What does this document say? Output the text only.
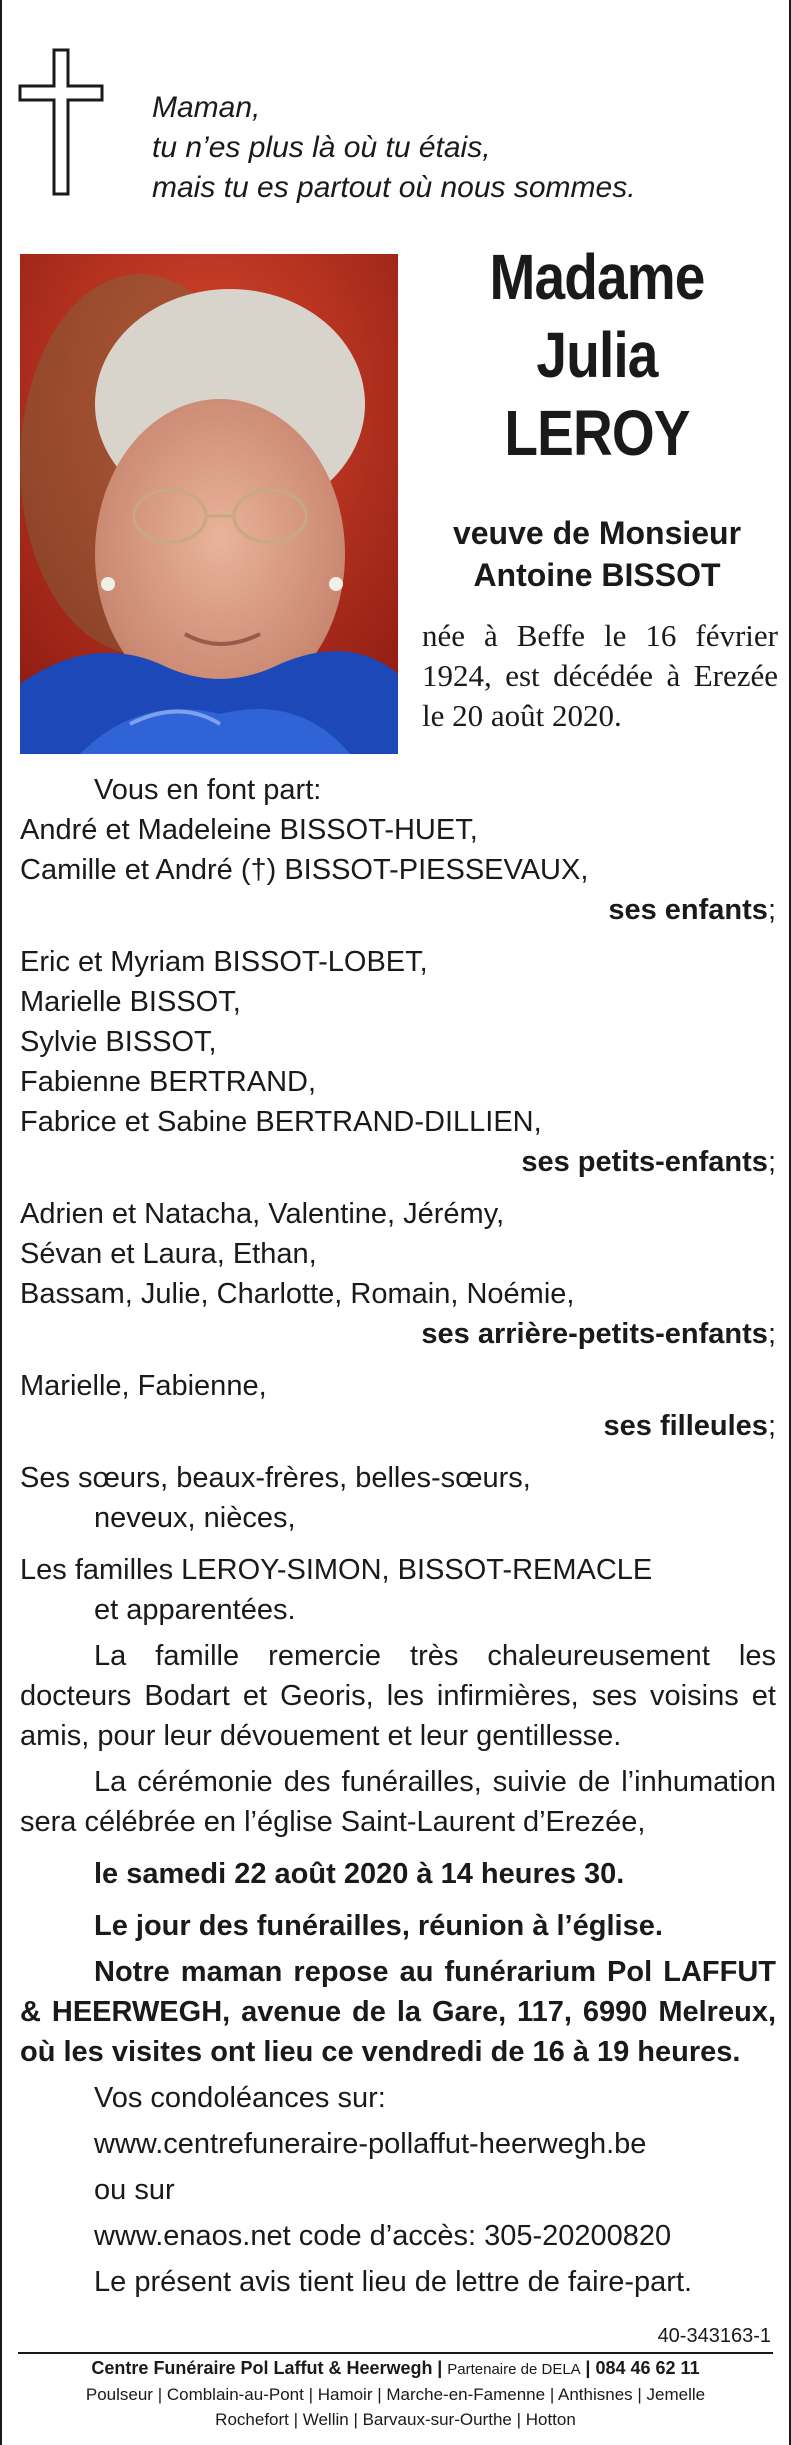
Maman,
tu n’es plus là où tu étais,
mais tu es partout où nous sommes.
Madame
Julia
LEROY
veuve de Monsieur
Antoine BISSOT
née à Beffe le 16 février 1924, est décédée à Erezée le 20 août 2020.
Vous en font part:
André et Madeleine BISSOT-HUET,
Camille et André (†) BISSOT-PIESSEVAUX,
ses enfants;
Eric et Myriam BISSOT-LOBET,
Marielle BISSOT,
Sylvie BISSOT,
Fabienne BERTRAND,
Fabrice et Sabine BERTRAND-DILLIEN,
ses petits-enfants;
Adrien et Natacha, Valentine, Jérémy,
Sévan et Laura, Ethan,
Bassam, Julie, Charlotte, Romain, Noémie,
ses arrière-petits-enfants;
Marielle, Fabienne,
ses filleules;
Ses sœurs, beaux-frères, belles-sœurs,
neveux, nièces,
Les familles LEROY-SIMON, BISSOT-REMACLE
et apparentées.

La famille remercie très chaleureusement les docteurs Bodart et Georis, les infirmières, ses voisins et amis, pour leur dévouement et leur gentillesse.

La cérémonie des funérailles, suivie de l’inhumation sera célébrée en l’église Saint-Laurent d’Erezée,

le samedi 22 août 2020 à 14 heures 30.

Le jour des funérailles, réunion à l’église.

Notre maman repose au funérarium Pol LAFFUT & HEERWEGH, avenue de la Gare, 117, 6990 Melreux, où les visites ont lieu ce vendredi de 16 à 19 heures.

Vos condoléances sur:

www.centrefuneraire-pollaffut-heerwegh.be

ou sur

www.enaos.net code d’accès: 305-20200820

Le présent avis tient lieu de lettre de faire-part.

40-343163-1
Centre Funéraire Pol Laffut & Heerwegh | Partenaire de DELA | 084 46 62 11
Poulseur | Comblain-au-Pont | Hamoir | Marche-en-Famenne | Anthisnes | Jemelle
Rochefort | Wellin | Barvaux-sur-Ourthe | Hotton
